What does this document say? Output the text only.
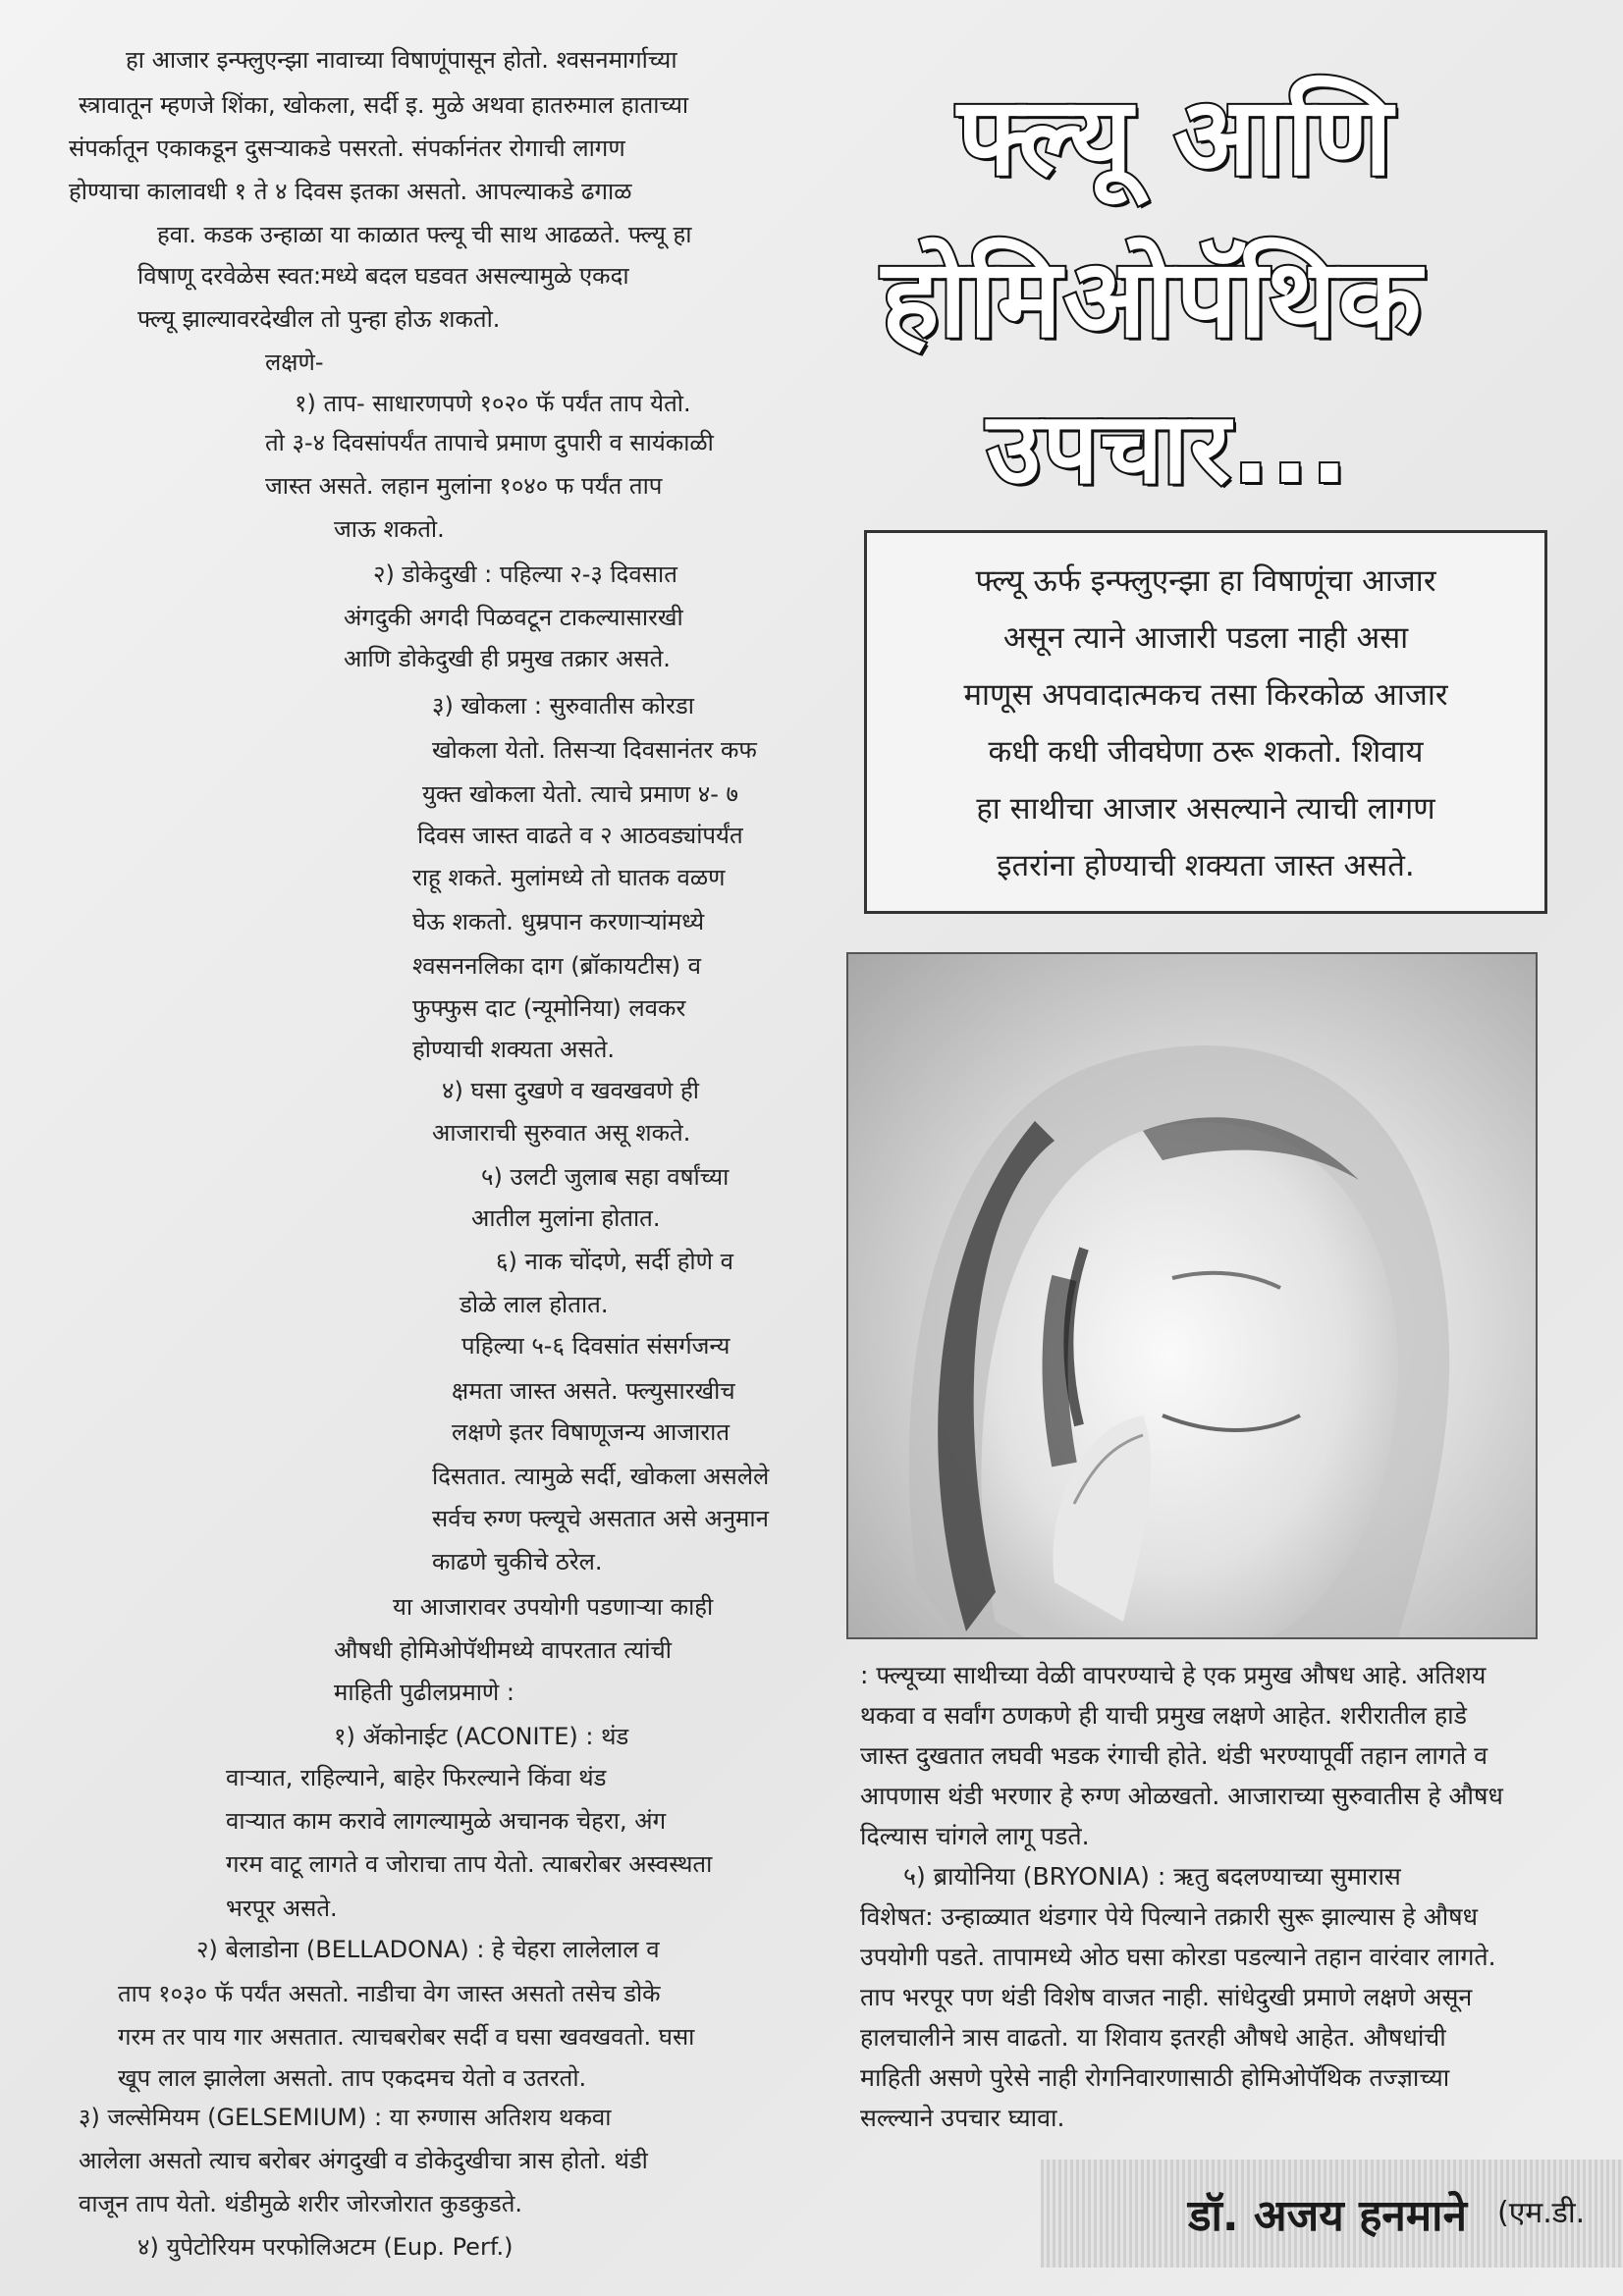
हा आजार इन्फ्लुएन्झा नावाच्या विषाणूंपासून होतो. श्वसनमार्गाच्या
स्त्रावातून म्हणजे शिंका, खोकला, सर्दी इ. मुळे अथवा हातरुमाल हाताच्या
संपर्कातून एकाकडून दुसऱ्याकडे पसरतो. संपर्कानंतर रोगाची लागण
होण्याचा कालावधी १ ते ४ दिवस इतका असतो. आपल्याकडे ढगाळ
हवा. कडक उन्हाळा या काळात फ्ल्यू ची साथ आढळते. फ्ल्यू हा
विषाणू दरवेळेस स्वत:मध्ये बदल घडवत असल्यामुळे एकदा
फ्ल्यू झाल्यावरदेखील तो पुन्हा होऊ शकतो.
लक्षणे-
१) ताप- साधारणपणे १०२० फॅ पर्यंत ताप येतो.
तो ३-४ दिवसांपर्यंत तापाचे प्रमाण दुपारी व सायंकाळी
जास्त असते. लहान मुलांना १०४० फ पर्यंत ताप
जाऊ शकतो.
२) डोकेदुखी : पहिल्या २-३ दिवसात
अंगदुकी अगदी पिळवटून टाकल्यासारखी
आणि डोकेदुखी ही प्रमुख तक्रार असते.
३) खोकला : सुरुवातीस कोरडा
खोकला येतो. तिसऱ्या दिवसानंतर कफ
युक्त खोकला येतो. त्याचे प्रमाण ४- ७
दिवस जास्त वाढते व २ आठवड्यांपर्यंत
राहू शकते. मुलांमध्ये तो घातक वळण
घेऊ शकतो. धुम्रपान करणाऱ्यांमध्ये
श्वसननलिका दाग (ब्रॉकायटीस) व
फुफ्फुस दाट (न्यूमोनिया) लवकर
होण्याची शक्यता असते.
४) घसा दुखणे व खवखवणे ही
आजाराची सुरुवात असू शकते.
५) उलटी जुलाब सहा वर्षांच्या
आतील मुलांना होतात.
६) नाक चोंदणे, सर्दी होणे व
डोळे लाल होतात.
पहिल्या ५-६ दिवसांत संसर्गजन्य
क्षमता जास्त असते. फ्ल्युसारखीच
लक्षणे इतर विषाणूजन्य आजारात
दिसतात. त्यामुळे सर्दी, खोकला असलेले
सर्वच रुग्ण फ्ल्यूचे असतात असे अनुमान
काढणे चुकीचे ठरेल.
या आजारावर उपयोगी पडणाऱ्या काही
औषधी होमिओपॅथीमध्ये वापरतात त्यांची
माहिती पुढीलप्रमाणे :
१) ॲकोनाईट (ACONITE) : थंड
वाऱ्यात, राहिल्याने, बाहेर फिरल्याने किंवा थंड
वाऱ्यात काम करावे लागल्यामुळे अचानक चेहरा, अंग
गरम वाटू लागते व जोराचा ताप येतो. त्याबरोबर अस्वस्थता
भरपूर असते.
२) बेलाडोना (BELLADONA) : हे चेहरा लालेलाल व
ताप १०३० फॅ पर्यंत असतो. नाडीचा वेग जास्त असतो तसेच डोके
गरम तर पाय गार असतात. त्याचबरोबर सर्दी व घसा खवखवतो. घसा
खूप लाल झालेला असतो. ताप एकदमच येतो व उतरतो.
३) जल्सेमियम (GELSEMIUM) : या रुग्णास अतिशय थकवा
आलेला असतो त्याच बरोबर अंगदुखी व डोकेदुखीचा त्रास होतो. थंडी
वाजून ताप येतो. थंडीमुळे शरीर जोरजोरात कुडकुडते.
४) युपेटोरियम परफोलिअटम (Eup. Perf.)
फ्ल्यू आणि
होमिओपॅथिक
उपचार...
फ्ल्यू ऊर्फ इन्फ्लुएन्झा हा विषाणूंचा आजार
असून त्याने आजारी पडला नाही असा
माणूस अपवादात्मकच तसा किरकोळ आजार
कधी कधी जीवघेणा ठरू शकतो. शिवाय
हा साथीचा आजार असल्याने त्याची लागण
इतरांना होण्याची शक्यता जास्त असते.
: फ्ल्यूच्या साथीच्या वेळी वापरण्याचे हे एक प्रमुख औषध आहे. अतिशय
थकवा व सर्वांग ठणकणे ही याची प्रमुख लक्षणे आहेत. शरीरातील हाडे
जास्त दुखतात लघवी भडक रंगाची होते. थंडी भरण्यापूर्वी तहान लागते व
आपणास थंडी भरणार हे रुग्ण ओळखतो. आजाराच्या सुरुवातीस हे औषध
दिल्यास चांगले लागू पडते.
५) ब्रायोनिया (BRYONIA) : ऋतु बदलण्याच्या सुमारास
विशेषत: उन्हाळ्यात थंडगार पेये पिल्याने तक्रारी सुरू झाल्यास हे औषध
उपयोगी पडते. तापामध्ये ओठ घसा कोरडा पडल्याने तहान वारंवार लागते.
ताप भरपूर पण थंडी विशेष वाजत नाही. सांधेदुखी प्रमाणे लक्षणे असून
हालचालीने त्रास वाढतो. या शिवाय इतरही औषधे आहेत. औषधांची
माहिती असणे पुरेसे नाही रोगनिवारणासाठी होमिओपॅथिक तज्ज्ञाच्या
सल्ल्याने उपचार घ्यावा.
डॉ. अजय हनमाने (एम.डी.
